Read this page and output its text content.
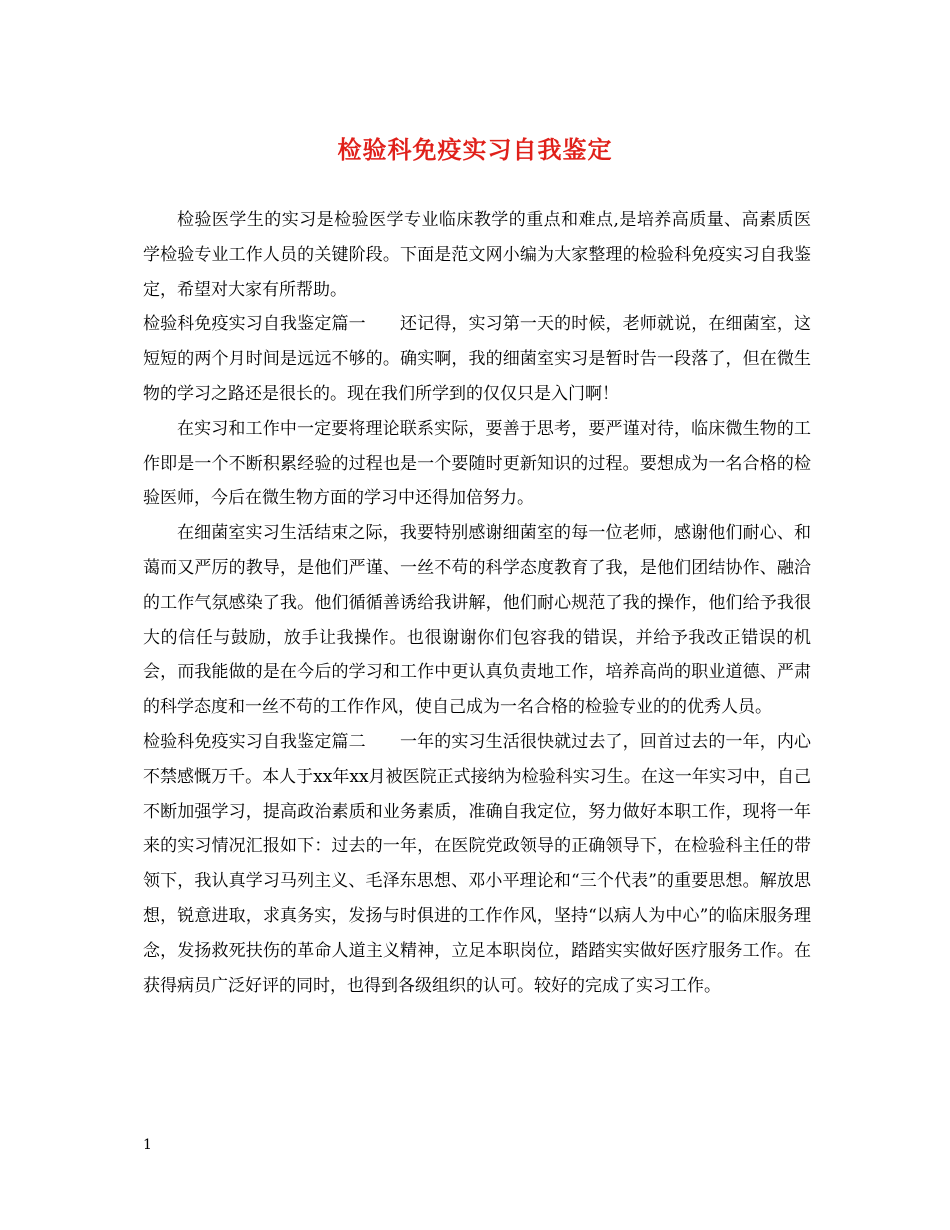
检验科免疫实习自我鉴定

检验医学生的实习是检验医学专业临床教学的重点和难点,是培养高质量、高素质医学检验专业工作人员的关键阶段。下面是范文网小编为大家整理的检验科免疫实习自我鉴定，希望对大家有所帮助。

检验科免疫实习自我鉴定篇一　　还记得，实习第一天的时候，老师就说，在细菌室，这短短的两个月时间是远远不够的。确实啊，我的细菌室实习是暂时告一段落了，但在微生物的学习之路还是很长的。现在我们所学到的仅仅只是入门啊！

在实习和工作中一定要将理论联系实际，要善于思考，要严谨对待，临床微生物的工作即是一个不断积累经验的过程也是一个要随时更新知识的过程。要想成为一名合格的检验医师，今后在微生物方面的学习中还得加倍努力。

在细菌室实习生活结束之际，我要特别感谢细菌室的每一位老师，感谢他们耐心、和蔼而又严厉的教导，是他们严谨、一丝不苟的科学态度教育了我，是他们团结协作、融洽的工作气氛感染了我。他们循循善诱给我讲解，他们耐心规范了我的操作，他们给予我很大的信任与鼓励，放手让我操作。也很谢谢你们包容我的错误，并给予我改正错误的机会，而我能做的是在今后的学习和工作中更认真负责地工作，培养高尚的职业道德、严肃的科学态度和一丝不苟的工作作风，使自己成为一名合格的检验专业的的优秀人员。

检验科免疫实习自我鉴定篇二　　一年的实习生活很快就过去了，回首过去的一年，内心不禁感慨万千。本人于xx年xx月被医院正式接纳为检验科实习生。在这一年实习中，自己不断加强学习，提高政治素质和业务素质，准确自我定位，努力做好本职工作，现将一年来的实习情况汇报如下：过去的一年，在医院党政领导的正确领导下，在检验科主任的带领下，我认真学习马列主义、毛泽东思想、邓小平理论和“三个代表”的重要思想。解放思想，锐意进取，求真务实，发扬与时俱进的工作作风，坚持“以病人为中心”的临床服务理念，发扬救死扶伤的革命人道主义精神，立足本职岗位，踏踏实实做好医疗服务工作。在获得病员广泛好评的同时，也得到各级组织的认可。较好的完成了实习工作。

1
